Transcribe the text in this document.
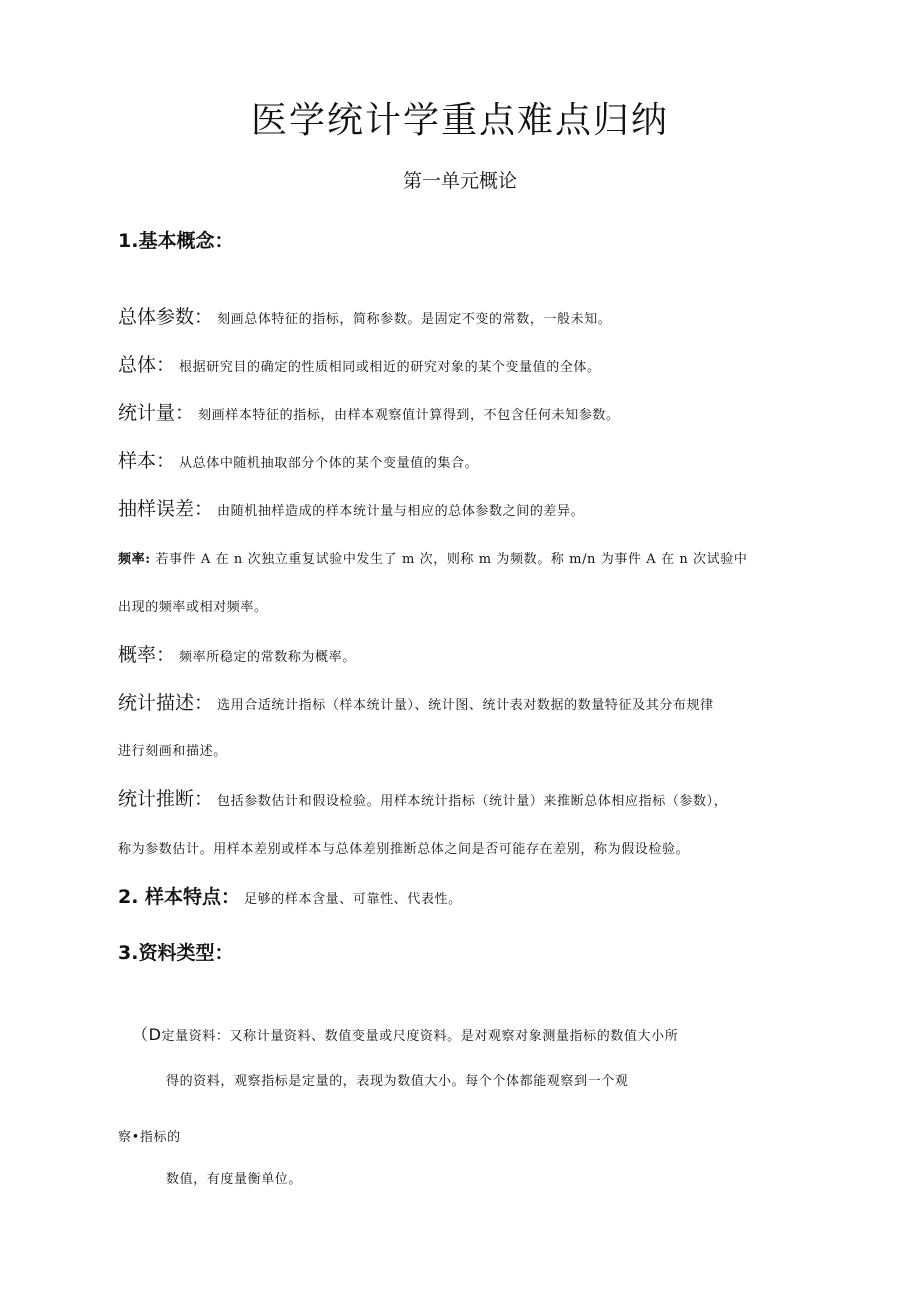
医学统计学重点难点归纳
第一单元概论
1.基本概念：
总体参数： 刻画总体特征的指标，简称参数。是固定不变的常数，一般未知。
总体： 根据研究目的确定的性质相同或相近的研究对象的某个变量值的全体。
统计量： 刻画样本特征的指标，由样本观察值计算得到，不包含任何未知参数。
样本： 从总体中随机抽取部分个体的某个变量值的集合。
抽样误差： 由随机抽样造成的样本统计量与相应的总体参数之间的差异。
频率: 若事件 A 在 n 次独立重复试验中发生了 m 次，则称 m 为频数。称 m/n 为事件 A 在 n 次试验中
出现的频率或相对频率。
概率： 频率所稳定的常数称为概率。
统计描述： 选用合适统计指标（样本统计量）、统计图、统计表对数据的数量特征及其分布规律
进行刻画和描述。
统计推断： 包括参数估计和假设检验。用样本统计指标（统计量）来推断总体相应指标（参数），
称为参数估计。用样本差别或样本与总体差别推断总体之间是否可能存在差别，称为假设检验。
2. 样本特点： 足够的样本含量、可靠性、代表性。
3.资料类型：
（D定量资料：又称计量资料、数值变量或尺度资料。是对观察对象测量指标的数值大小所
得的资料，观察指标是定量的，表现为数值大小。每个个体都能观察到一个观
察•指标的
数值，有度量衡单位。
